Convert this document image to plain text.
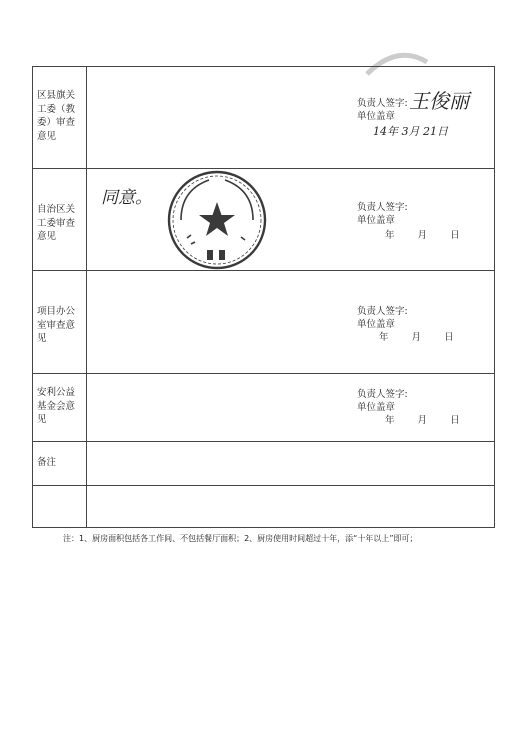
区县旗关工委（教委）审查意见
负责人签字:
单位盖章
王俊丽
14年 3月 21日
自治区关工委审查意见
同意。	负责人签字:
单位盖章
年 月 日
项目办公室审查意见
负责人签字:
单位盖章
年 月 日
安利公益基金会意见
负责人签字:
单位盖章
年 月 日
备注
注：1、厨房面积包括各工作间、不包括餐厅面积；2、厨房使用时间超过十年，添“十年以上”即可；
